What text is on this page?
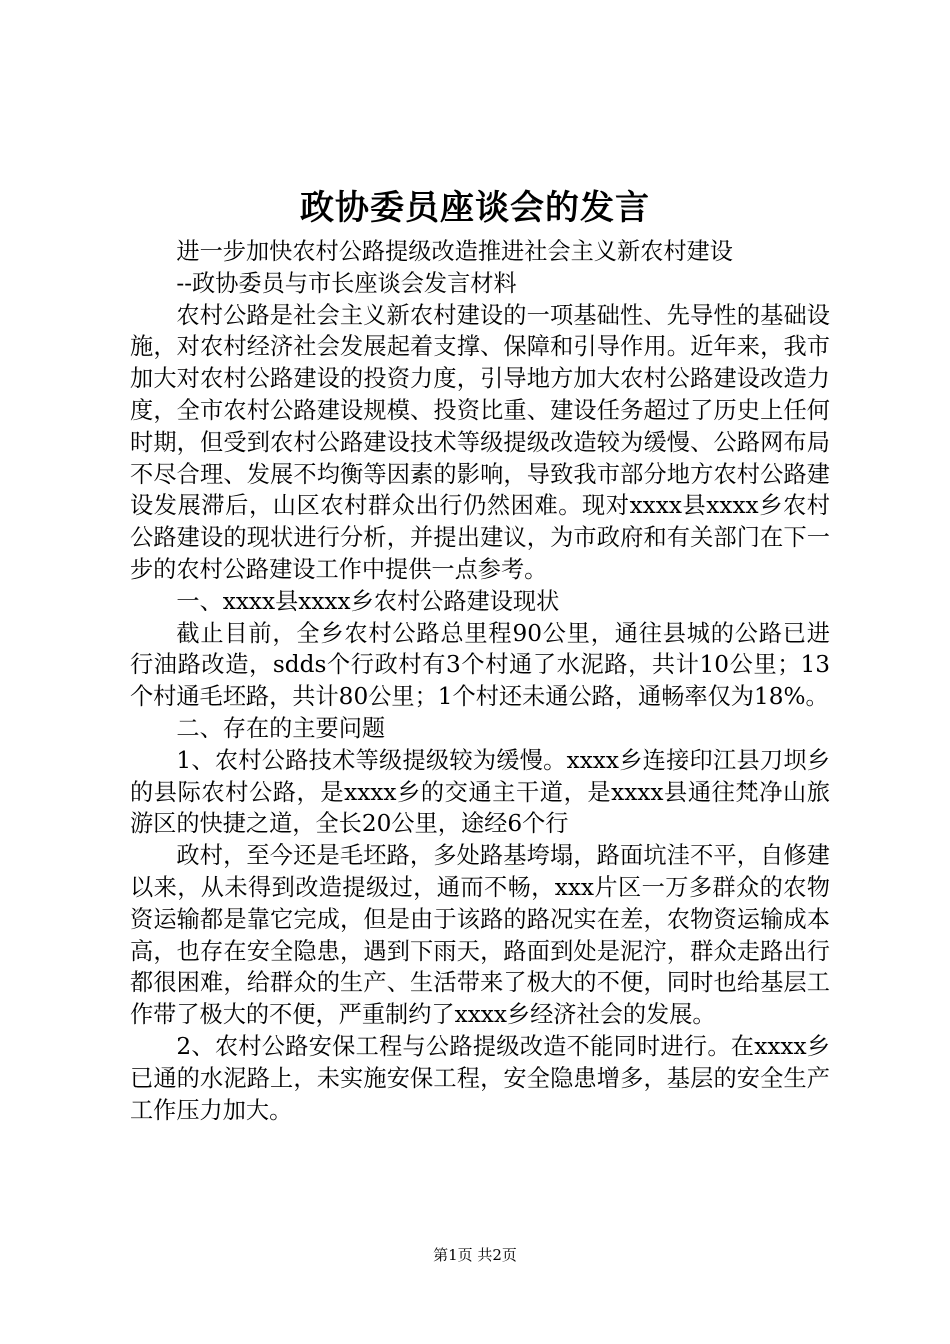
政协委员座谈会的发言

进一步加快农村公路提级改造推进社会主义新农村建设

--政协委员与市长座谈会发言材料

农村公路是社会主义新农村建设的一项基础性、先导性的基础设施，对农村经济社会发展起着支撑、保障和引导作用。近年来，我市加大对农村公路建设的投资力度，引导地方加大农村公路建设改造力度，全市农村公路建设规模、投资比重、建设任务超过了历史上任何时期，但受到农村公路建设技术等级提级改造较为缓慢、公路网布局不尽合理、发展不均衡等因素的影响，导致我市部分地方农村公路建设发展滞后，山区农村群众出行仍然困难。现对xxxx县xxxx乡农村公路建设的现状进行分析，并提出建议，为市政府和有关部门在下一步的农村公路建设工作中提供一点参考。

一、xxxx县xxxx乡农村公路建设现状

截止目前，全乡农村公路总里程90公里，通往县城的公路已进行油路改造，sdds个行政村有3个村通了水泥路，共计10公里；13个村通毛坯路，共计80公里；1个村还未通公路，通畅率仅为18%。

二、存在的主要问题

1、农村公路技术等级提级较为缓慢。xxxx乡连接印江县刀坝乡的县际农村公路，是xxxx乡的交通主干道，是xxxx县通往梵净山旅游区的快捷之道，全长20公里，途经6个行

政村，至今还是毛坯路，多处路基垮塌，路面坑洼不平，自修建以来，从未得到改造提级过，通而不畅，xxx片区一万多群众的农物资运输都是靠它完成，但是由于该路的路况实在差，农物资运输成本高，也存在安全隐患，遇到下雨天，路面到处是泥泞，群众走路出行都很困难，给群众的生产、生活带来了极大的不便，同时也给基层工作带了极大的不便，严重制约了xxxx乡经济社会的发展。

2、农村公路安保工程与公路提级改造不能同时进行。在xxxx乡已通的水泥路上，未实施安保工程，安全隐患增多，基层的安全生产工作压力加大。

第1页 共2页
